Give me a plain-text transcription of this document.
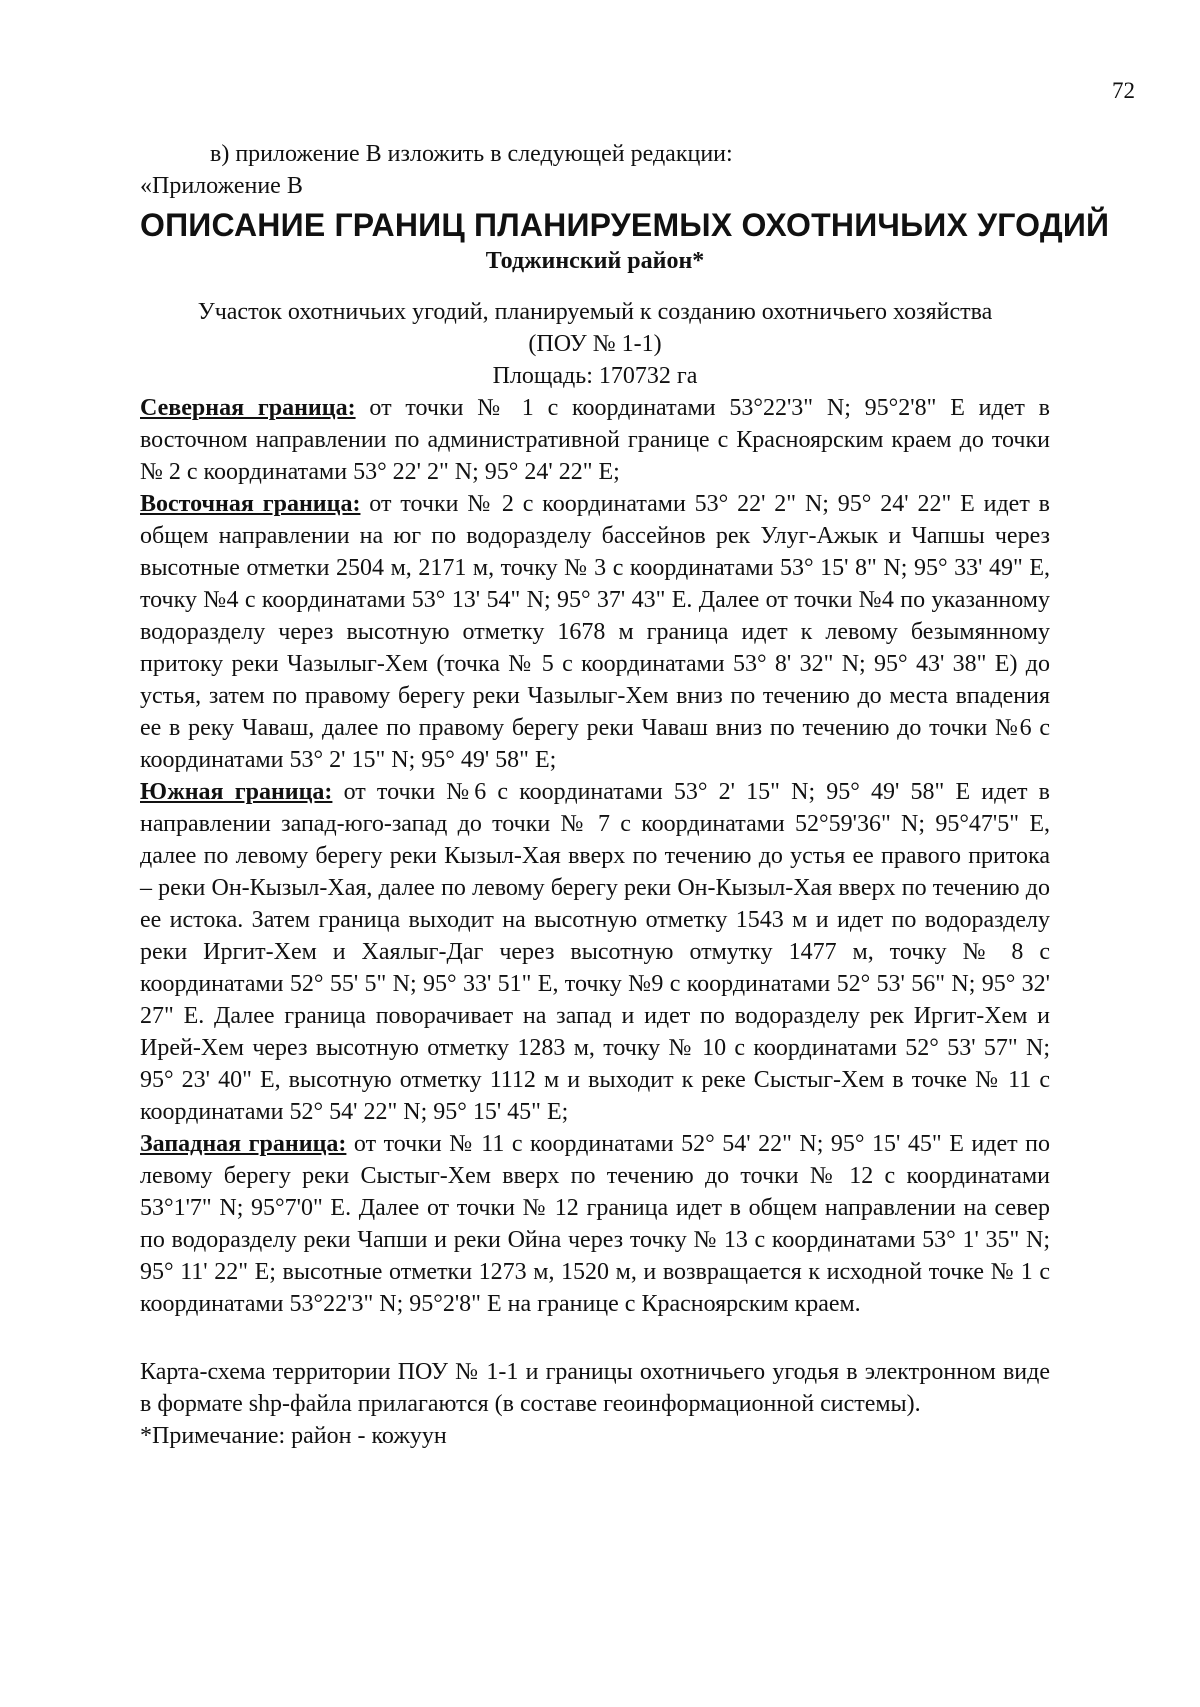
72

в) приложение В изложить в следующей редакции:

«Приложение В

ОПИСАНИЕ ГРАНИЦ ПЛАНИРУЕМЫХ ОХОТНИЧЬИХ УГОДИЙ

Тоджинский район*

Участок охотничьих угодий, планируемый к созданию охотничьего хозяйства

(ПОУ № 1-1)

Площадь: 170732 га

Северная граница: от точки № 1 с координатами 53°22'3" N; 95°2'8" E идет в восточном направлении по административной границе с Красноярским краем до точки № 2 с координатами 53° 22' 2" N; 95° 24' 22" E;

Восточная граница: от точки № 2 с координатами 53° 22' 2" N; 95° 24' 22" E идет в общем направлении на юг по водоразделу бассейнов рек Улуг-Ажык и Чапшы через высотные отметки 2504 м, 2171 м, точку № 3 с координатами 53° 15' 8" N; 95° 33' 49" E, точку №4 с координатами 53° 13' 54" N; 95° 37' 43" E. Далее от точки №4 по указанному водоразделу через высотную отметку 1678 м граница идет к левому безымянному притоку реки Чазылыг-Хем (точка № 5 с координатами 53° 8' 32" N; 95° 43' 38" E) до устья, затем по правому берегу реки Чазылыг-Хем вниз по течению до места впадения ее в реку Чаваш, далее по правому берегу реки Чаваш вниз по течению до точки №6 с координатами 53° 2' 15" N; 95° 49' 58" E;

Южная граница: от точки №6 с координатами 53° 2' 15" N; 95° 49' 58" E идет в направлении запад-юго-запад до точки № 7 с координатами 52°59'36" N; 95°47'5" E, далее по левому берегу реки Кызыл-Хая вверх по течению до устья ее правого притока – реки Он-Кызыл-Хая, далее по левому берегу реки Он-Кызыл-Хая вверх по течению до ее истока. Затем граница выходит на высотную отметку 1543 м и идет по водоразделу реки Иргит-Хем и Хаялыг-Даг через высотную отмутку 1477 м, точку № 8 с координатами 52° 55' 5" N; 95° 33' 51" E, точку №9 с координатами 52° 53' 56" N; 95° 32' 27" E. Далее граница поворачивает на запад и идет по водоразделу рек Иргит-Хем и Ирей-Хем через высотную отметку 1283 м, точку № 10 с координатами 52° 53' 57" N; 95° 23' 40" E, высотную отметку 1112 м и выходит к реке Сыстыг-Хем в точке № 11 с координатами 52° 54' 22" N; 95° 15' 45" E;

Западная граница: от точки № 11 с координатами 52° 54' 22" N; 95° 15' 45" E идет по левому берегу реки Сыстыг-Хем вверх по течению до точки № 12 с координатами 53°1'7" N; 95°7'0" E. Далее от точки № 12 граница идет в общем направлении на север по водоразделу реки Чапши и реки Ойна через точку № 13 с координатами 53° 1' 35" N; 95° 11' 22" E; высотные отметки 1273 м, 1520 м, и возвращается к исходной точке № 1 с координатами 53°22'3" N; 95°2'8" E на границе с Красноярским краем.

Карта-схема территории ПОУ № 1-1 и границы охотничьего угодья в электронном виде в формате shp-файла прилагаются (в составе геоинформационной системы).

*Примечание: район - кожуун
